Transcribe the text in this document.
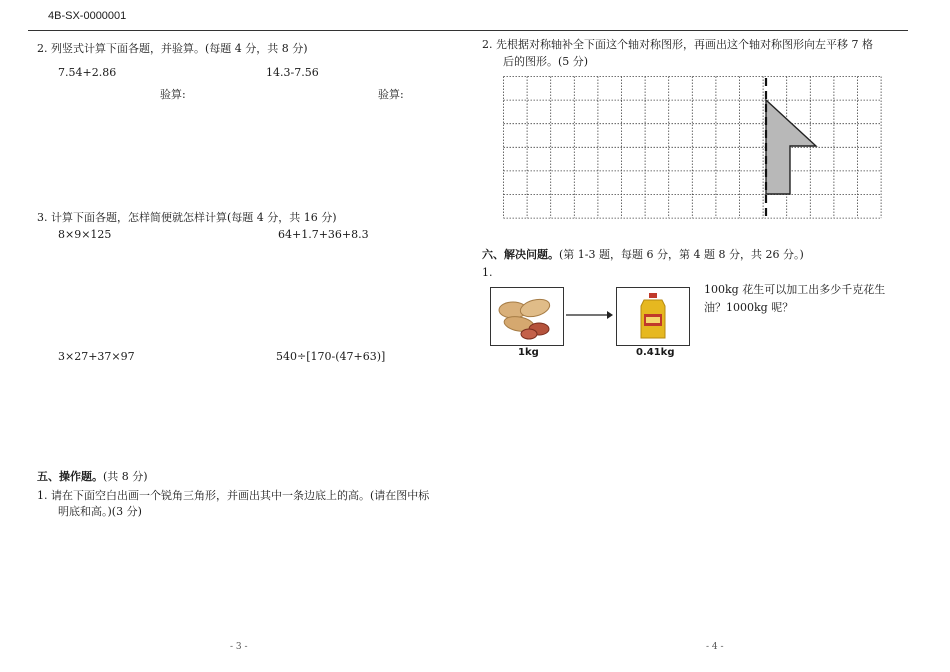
4B-SX-0000001
2. 列竖式计算下面各题，并验算。(每题 4 分，共 8 分)
7.54+2.86	14.3-7.56
验算:	验算:
3. 计算下面各题，怎样简便就怎样计算(每题 4 分，共 16 分)
8×9×125	64+1.7+36+8.3
3×27+37×97	540÷[170-(47+63)]
五、操作题。(共 8 分)
1. 请在下面空白出画一个锐角三角形，并画出其中一条边底上的高。(请在图中标
明底和高。)(3 分)
- 3 -
2. 先根据对称轴补全下面这个轴对称图形，再画出这个轴对称图形向左平移 7 格
后的图形。(5 分)
六、解决问题。(第 1-3 题，每题 6 分，第 4 题 8 分，共 26 分。)
1.
1kg	0.41kg
100kg 花生可以加工出多少千克花生
油？1000kg 呢？
- 4 -
